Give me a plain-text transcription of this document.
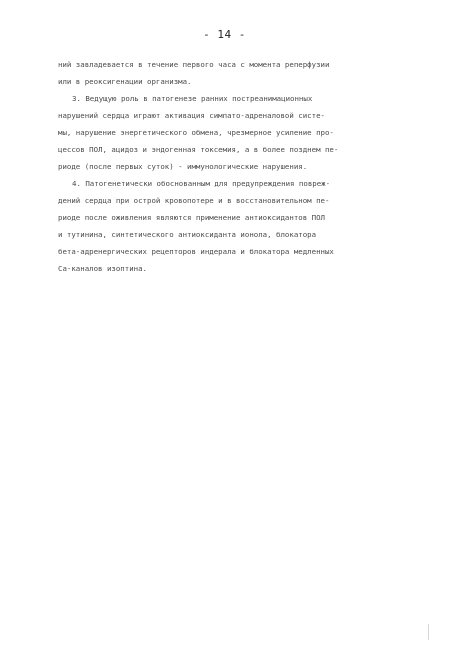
- 14 -
ний завладевается в течение первого часа с момента реперфузии
или в реоксигенации организма.
3. Ведущую роль в патогенезе ранних постреанимационных
нарушений сердца играют активация симпато-адреналовой систе-
мы, нарушение энергетического обмена, чрезмерное усиление про-
цессов ПОЛ, ацидоз и эндогенная токсемия, а в более позднем пе-
риоде (после первых суток) - иммунологические нарушения.
4. Патогенетически обоснованным для предупреждения повреж-
дений сердца при острой кровопотере и в восстановительном пе-
риоде после оживления являются применение антиоксидантов ПОЛ
и тутинина, синтетического антиоксиданта ионола, блокатора
бета-адренергических рецепторов индерала и блокатора медленных
Са-каналов изоптина.
